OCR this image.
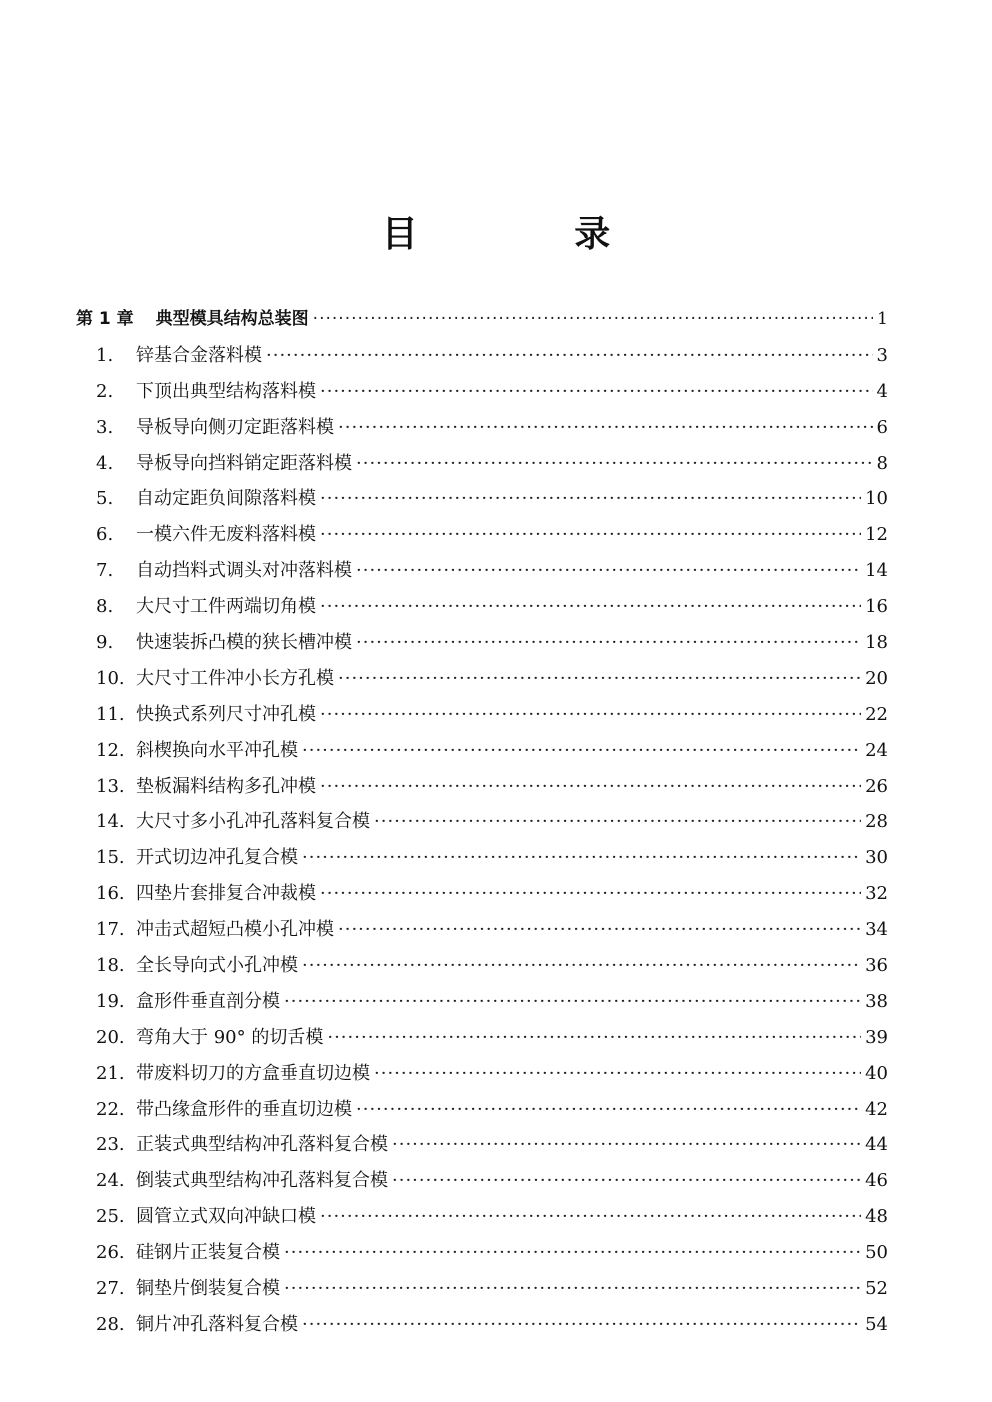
目 录
第 1 章	典型模具结构总装图 ·····	1
1.	锌基合金落料模 ·····	3
2.	下顶出典型结构落料模 ·····	4
3.	导板导向侧刃定距落料模 ·····	6
4.	导板导向挡料销定距落料模 ·····	8
5.	自动定距负间隙落料模 ·····	10
6.	一模六件无废料落料模 ·····	12
7.	自动挡料式调头对冲落料模 ·····	14
8.	大尺寸工件两端切角模 ·····	16
9.	快速装拆凸模的狭长槽冲模 ·····	18
10. 大尺寸工件冲小长方孔模 ·····	20
11. 快换式系列尺寸冲孔模 ·····	22
12. 斜楔换向水平冲孔模 ·····	24
13. 垫板漏料结构多孔冲模 ·····	26
14. 大尺寸多小孔冲孔落料复合模 ·····	28
15. 开式切边冲孔复合模 ·····	30
16. 四垫片套排复合冲裁模 ·····	32
17. 冲击式超短凸模小孔冲模 ·····	34
18. 全长导向式小孔冲模 ·····	36
19. 盒形件垂直剖分模 ·····	38
20. 弯角大于 90° 的切舌模 ·····	39
21. 带废料切刀的方盒垂直切边模 ·····	40
22. 带凸缘盒形件的垂直切边模 ·····	42
23. 正装式典型结构冲孔落料复合模 ·····	44
24. 倒装式典型结构冲孔落料复合模 ·····	46
25. 圆管立式双向冲缺口模 ·····	48
26. 硅钢片正装复合模 ·····	50
27. 铜垫片倒装复合模 ·····	52
28. 铜片冲孔落料复合模 ·····	54
